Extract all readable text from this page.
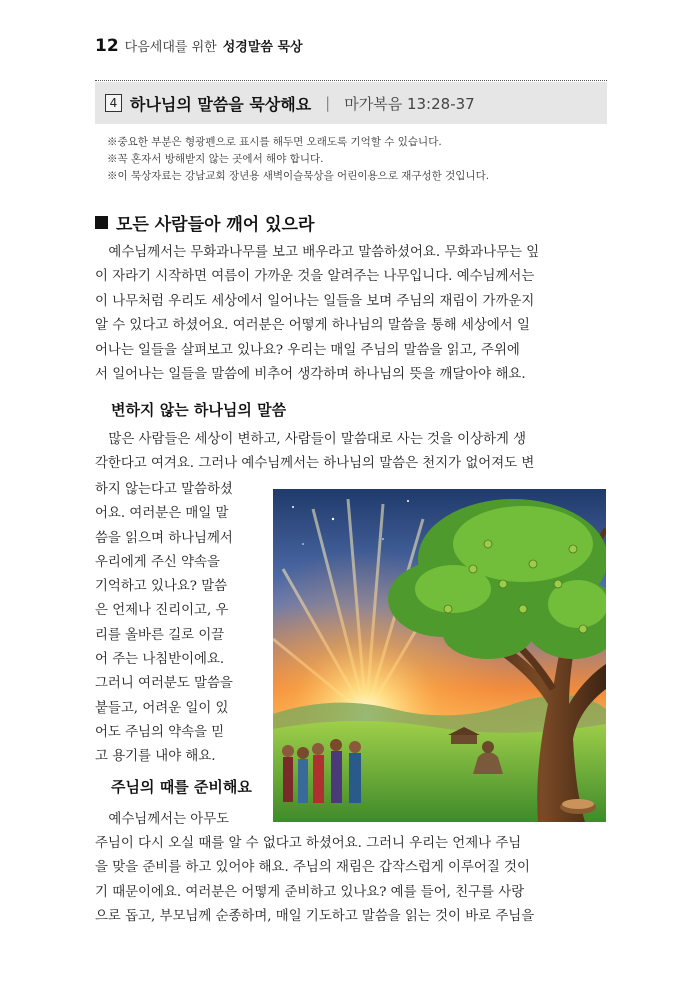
12 다음세대를 위한 성경말씀 묵상
4 하나님의 말씀을 묵상해요 | 마가복음 13:28-37
※중요한 부분은 형광펜으로 표시를 해두면 오래도록 기억할 수 있습니다.
※꼭 혼자서 방해받지 않는 곳에서 해야 합니다.
※이 묵상자료는 강남교회 장년용 새벽이슬묵상을 어린이용으로 재구성한 것입니다.
모든 사람들아 깨어 있으라
　예수님께서는 무화과나무를 보고 배우라고 말씀하셨어요. 무화과나무는 잎
이 자라기 시작하면 여름이 가까운 것을 알려주는 나무입니다. 예수님께서는
이 나무처럼 우리도 세상에서 일어나는 일들을 보며 주님의 재림이 가까운지
알 수 있다고 하셨어요. 여러분은 어떻게 하나님의 말씀을 통해 세상에서 일
어나는 일들을 살펴보고 있나요? 우리는 매일 주님의 말씀을 읽고, 주위에
서 일어나는 일들을 말씀에 비추어 생각하며 하나님의 뜻을 깨달아야 해요.
변하지 않는 하나님의 말씀
　많은 사람들은 세상이 변하고, 사람들이 말씀대로 사는 것을 이상하게 생
각한다고 여겨요. 그러나 예수님께서는 하나님의 말씀은 천지가 없어져도 변
하지 않는다고 말씀하셨
어요. 여러분은 매일 말
씀을 읽으며 하나님께서
우리에게 주신 약속을
기억하고 있나요? 말씀
은 언제나 진리이고, 우
리를 올바른 길로 이끌
어 주는 나침반이에요.
그러니 여러분도 말씀을
붙들고, 어려운 일이 있
어도 주님의 약속을 믿
고 용기를 내야 해요.
주님의 때를 준비해요
　예수님께서는 아무도
주님이 다시 오실 때를 알 수 없다고 하셨어요. 그러니 우리는 언제나 주님
을 맞을 준비를 하고 있어야 해요. 주님의 재림은 갑작스럽게 이루어질 것이
기 때문이에요. 여러분은 어떻게 준비하고 있나요? 예를 들어, 친구를 사랑
으로 돕고, 부모님께 순종하며, 매일 기도하고 말씀을 읽는 것이 바로 주님을
